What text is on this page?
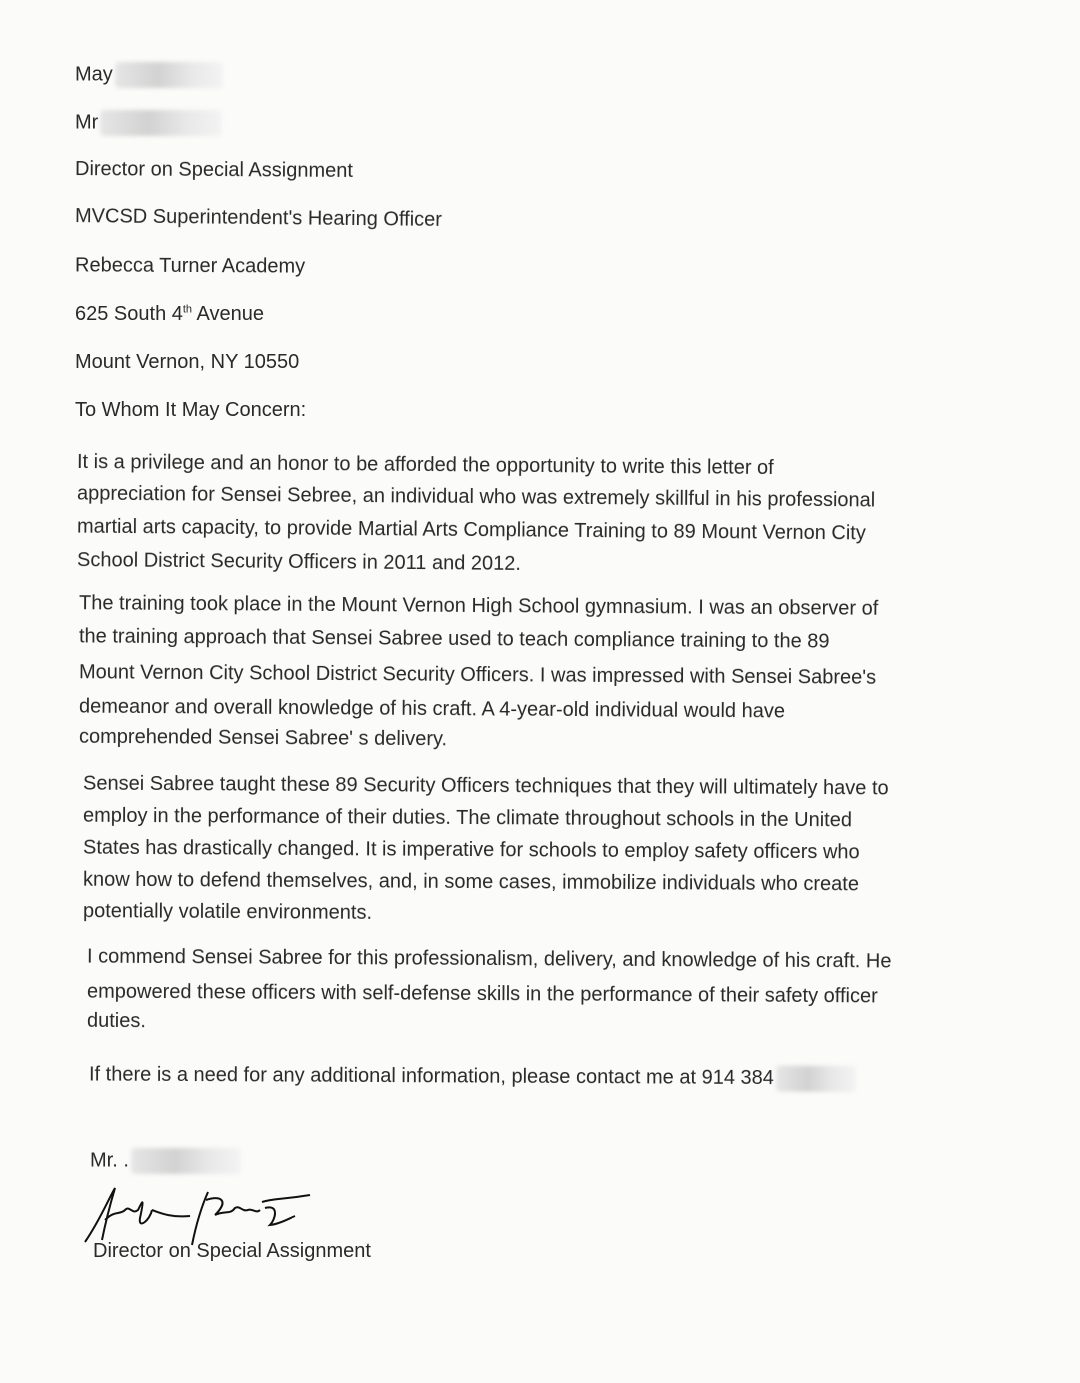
May
Mr
Director on Special Assignment
MVCSD Superintendent's Hearing Officer
Rebecca Turner Academy
625 South 4th Avenue
Mount Vernon, NY 10550
To Whom It May Concern:
It is a privilege and an honor to be afforded the opportunity to write this letter of
appreciation for Sensei Sebree, an individual who was extremely skillful in his professional
martial arts capacity, to provide Martial Arts Compliance Training to 89 Mount Vernon City
School District Security Officers in 2011 and 2012.
The training took place in the Mount Vernon High School gymnasium. I was an observer of
the training approach that Sensei Sabree used to teach compliance training to the 89
Mount Vernon City School District Security Officers. I was impressed with Sensei Sabree's
demeanor and overall knowledge of his craft. A 4-year-old individual would have
comprehended Sensei Sabree' s delivery.
Sensei Sabree taught these 89 Security Officers techniques that they will ultimately have to
employ in the performance of their duties. The climate throughout schools in the United
States has drastically changed. It is imperative for schools to employ safety officers who
know how to defend themselves, and, in some cases, immobilize individuals who create
potentially volatile environments.
I commend Sensei Sabree for this professionalism, delivery, and knowledge of his craft. He
empowered these officers with self-defense skills in the performance of their safety officer
duties.
If there is a need for any additional information, please contact me at 914 384
Mr. .
Director on Special Assignment
